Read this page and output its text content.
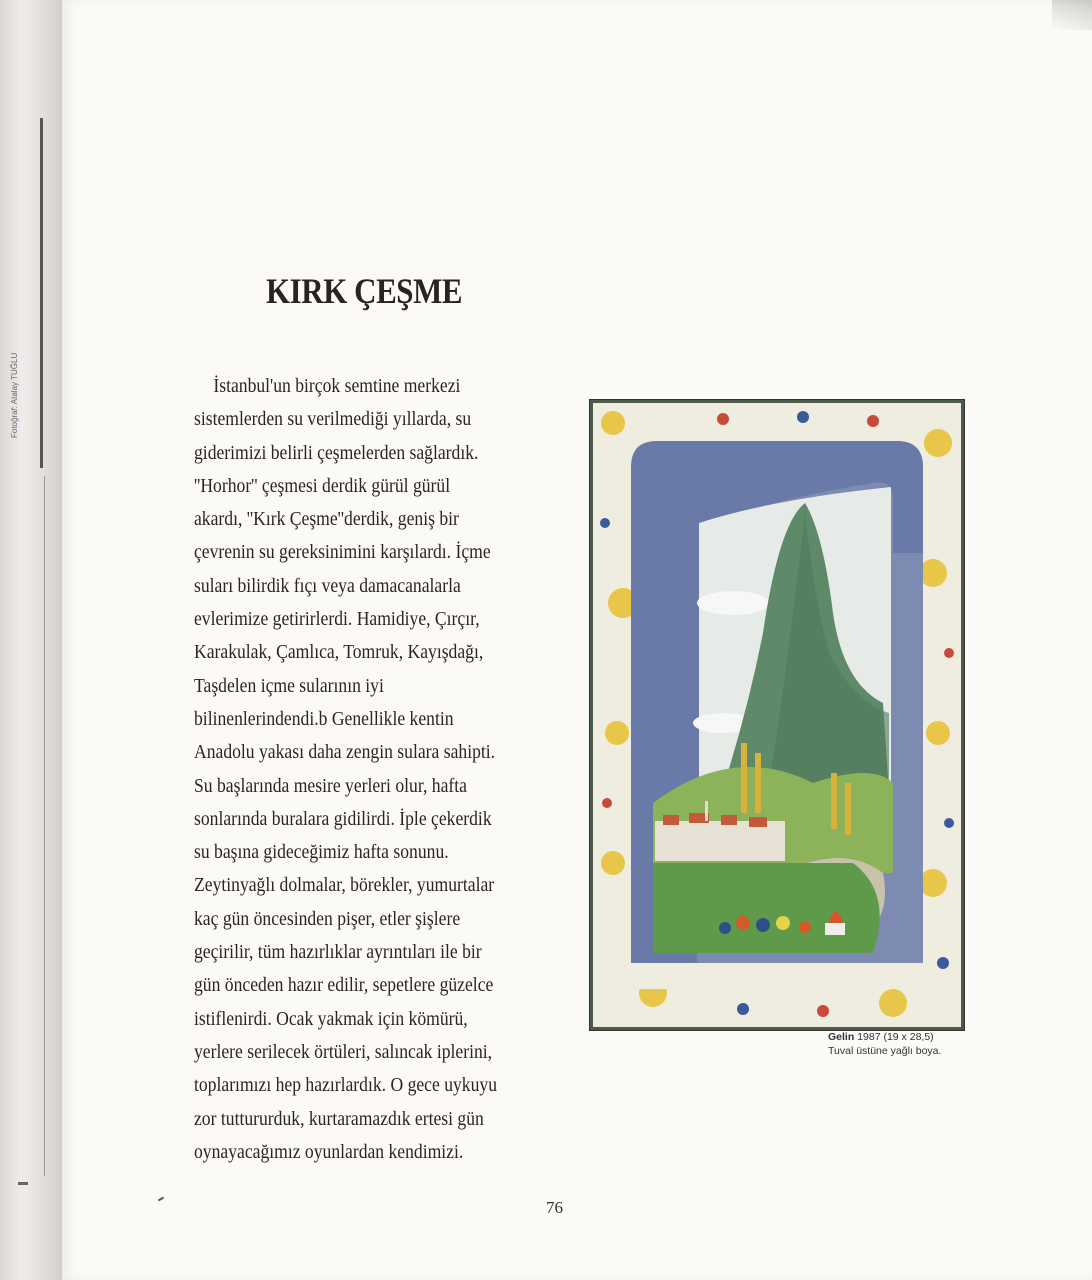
Fotoğraf: Atalay TUĞLU
KIRK ÇEŞME
İstanbul'un birçok semtine merkezi
sistemlerden su verilmediği yıllarda, su
giderimizi belirli çeşmelerden sağlardık.
''Horhor'' çeşmesi derdik gürül gürül
akardı, ''Kırk Çeşme''derdik, geniş bir
çevrenin su gereksinimini karşılardı. İçme
suları bilirdik fıçı veya damacanalarla
evlerimize getirirlerdi. Hamidiye, Çırçır,
Karakulak, Çamlıca, Tomruk, Kayışdağı,
Taşdelen içme sularının iyi
bilinenlerindendi.b Genellikle kentin
Anadolu yakası daha zengin sulara sahipti.
Su başlarında mesire yerleri olur, hafta
sonlarında buralara gidilirdi. İple çekerdik
su başına gideceğimiz hafta sonunu.
Zeytinyağlı dolmalar, börekler, yumurtalar
kaç gün öncesinden pişer, etler şişlere
geçirilir, tüm hazırlıklar ayrıntıları ile bir
gün önceden hazır edilir, sepetlere güzelce
istiflenirdi. Ocak yakmak için kömürü,
yerlere serilecek örtüleri, salıncak iplerini,
toplarımızı hep hazırlardık. O gece uykuyu
zor tuttururduk, kurtaramazdık ertesi gün
oynayacağımız oyunlardan kendimizi.
Gelin 1987 (19 x 28,5)
Tuval üstüne yağlı boya.
76
